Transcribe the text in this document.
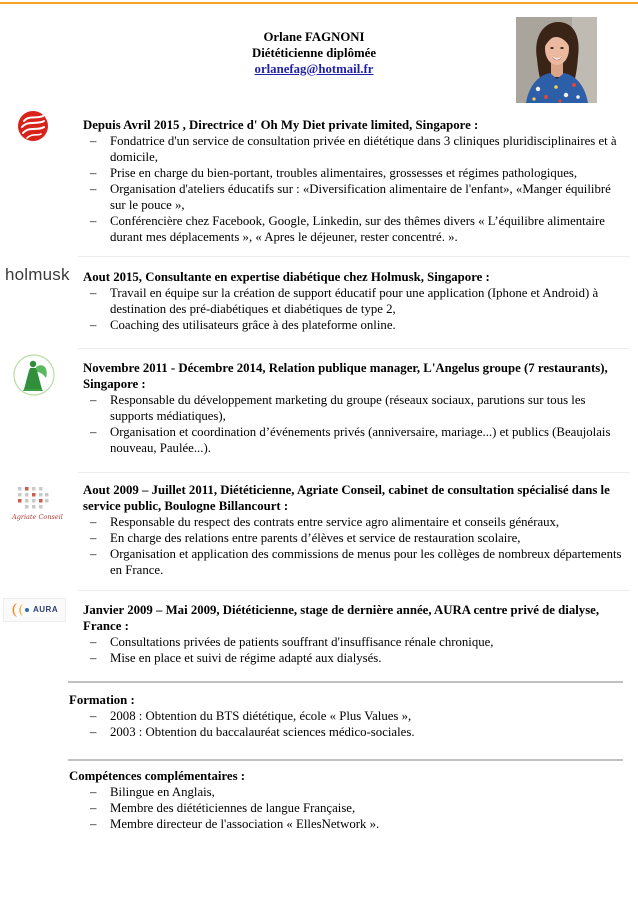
Orlane FAGNONI
Diététicienne diplômée
orlanefag@hotmail.fr
Depuis Avril 2015 , Directrice d' Oh My Diet private limited, Singapore :
– Fondatrice d'un service de consultation privée en diététique dans 3 cliniques pluridisciplinaires et à
domicile,
– Prise en charge du bien-portant, troubles alimentaires, grossesses et régimes pathologiques,
– Organisation d'ateliers éducatifs sur : «Diversification alimentaire de l'enfant», «Manger équilibré
sur le pouce »,
– Conférencière chez Facebook, Google, Linkedin, sur des thêmes divers « L’équilibre alimentaire
durant mes déplacements », « Apres le déjeuner, rester concentré. ».
holmusk Aout 2015, Consultante en expertise diabétique chez Holmusk, Singapore :
– Travail en équipe sur la création de support éducatif pour une application (Iphone et Android) à
destination des pré-diabétiques et diabétiques de type 2,
– Coaching des utilisateurs grâce à des plateforme online.
Novembre 2011 - Décembre 2014, Relation publique manager, L'Angelus groupe (7 restaurants),
Singapore :
– Responsable du développement marketing du groupe (réseaux sociaux, parutions sur tous les
supports médiatiques),
– Organisation et coordination d’événements privés (anniversaire, mariage...) et publics (Beaujolais
nouveau, Paulée...).
Agriate Conseil
Aout 2009 – Juillet 2011, Diététicienne, Agriate Conseil, cabinet de consultation spécialisé dans le
service public, Boulogne Billancourt :
– Responsable du respect des contrats entre service agro alimentaire et conseils généraux,
– En charge des relations entre parents d’élèves et service de restauration scolaire,
– Organisation et application des commissions de menus pour les collèges de nombreux départements
en France.
AURA Janvier 2009 – Mai 2009, Diététicienne, stage de dernière année, AURA centre privé de dialyse,
France :
– Consultations privées de patients souffrant d'insuffisance rénale chronique,
– Mise en place et suivi de régime adapté aux dialysés.
Formation :
– 2008 : Obtention du BTS diététique, école « Plus Values »,
– 2003 : Obtention du baccalauréat sciences médico-sociales.
Compétences complémentaires :
– Bilingue en Anglais,
– Membre des diététiciennes de langue Française,
– Membre directeur de l'association « EllesNetwork ».
